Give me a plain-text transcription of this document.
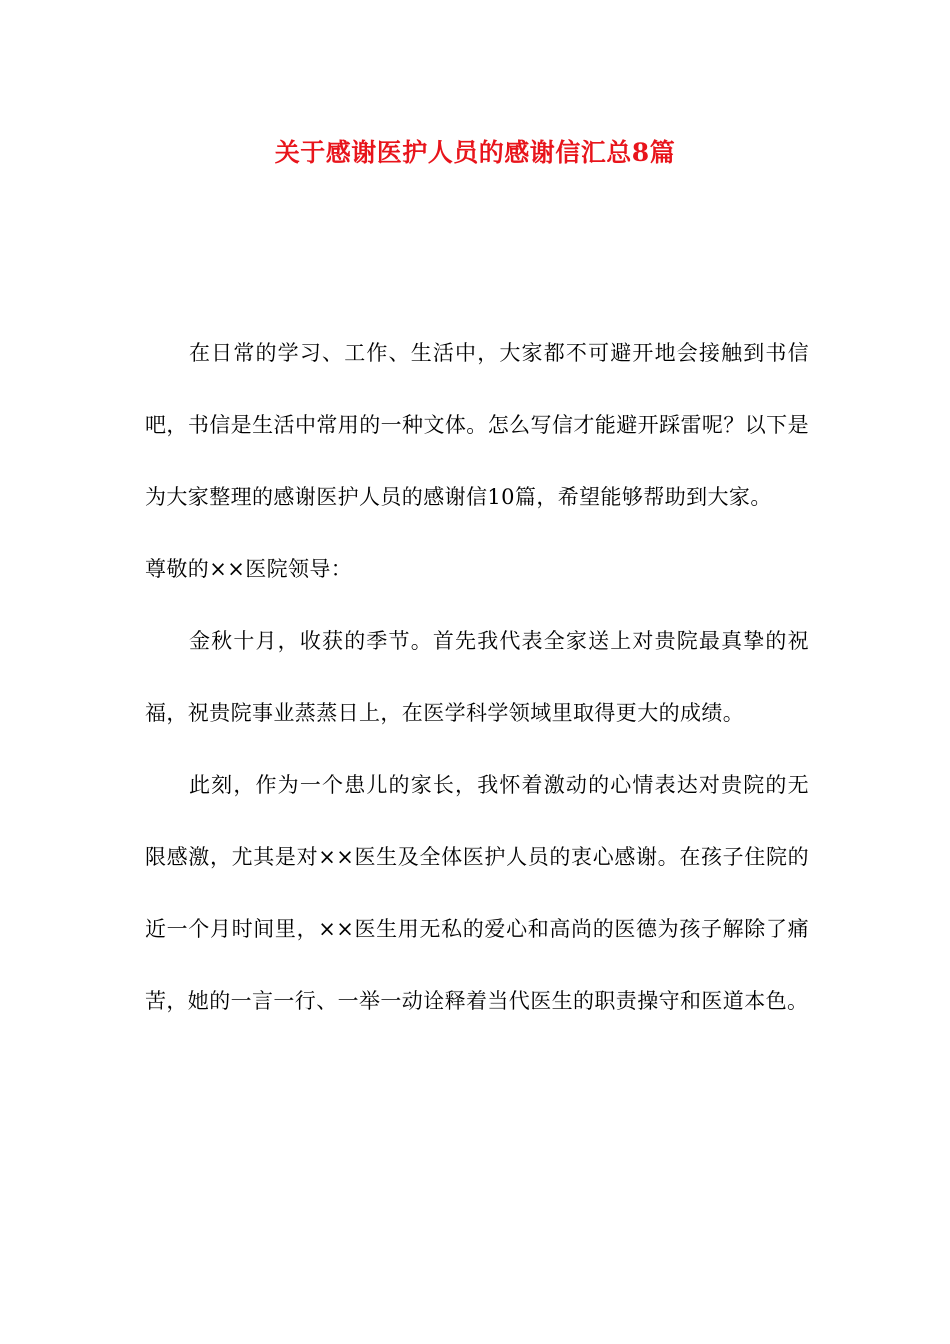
关于感谢医护人员的感谢信汇总8篇

在日常的学习、工作、生活中，大家都不可避开地会接触到书信吧，书信是生活中常用的一种文体。怎么写信才能避开踩雷呢？以下是为大家整理的感谢医护人员的感谢信10篇，希望能够帮助到大家。

尊敬的××医院领导：

金秋十月，收获的季节。首先我代表全家送上对贵院最真挚的祝福，祝贵院事业蒸蒸日上，在医学科学领域里取得更大的成绩。

此刻，作为一个患儿的家长，我怀着激动的心情表达对贵院的无限感激，尤其是对××医生及全体医护人员的衷心感谢。在孩子住院的近一个月时间里，××医生用无私的爱心和高尚的医德为孩子解除了痛苦，她的一言一行、一举一动诠释着当代医生的职责操守和医道本色。
